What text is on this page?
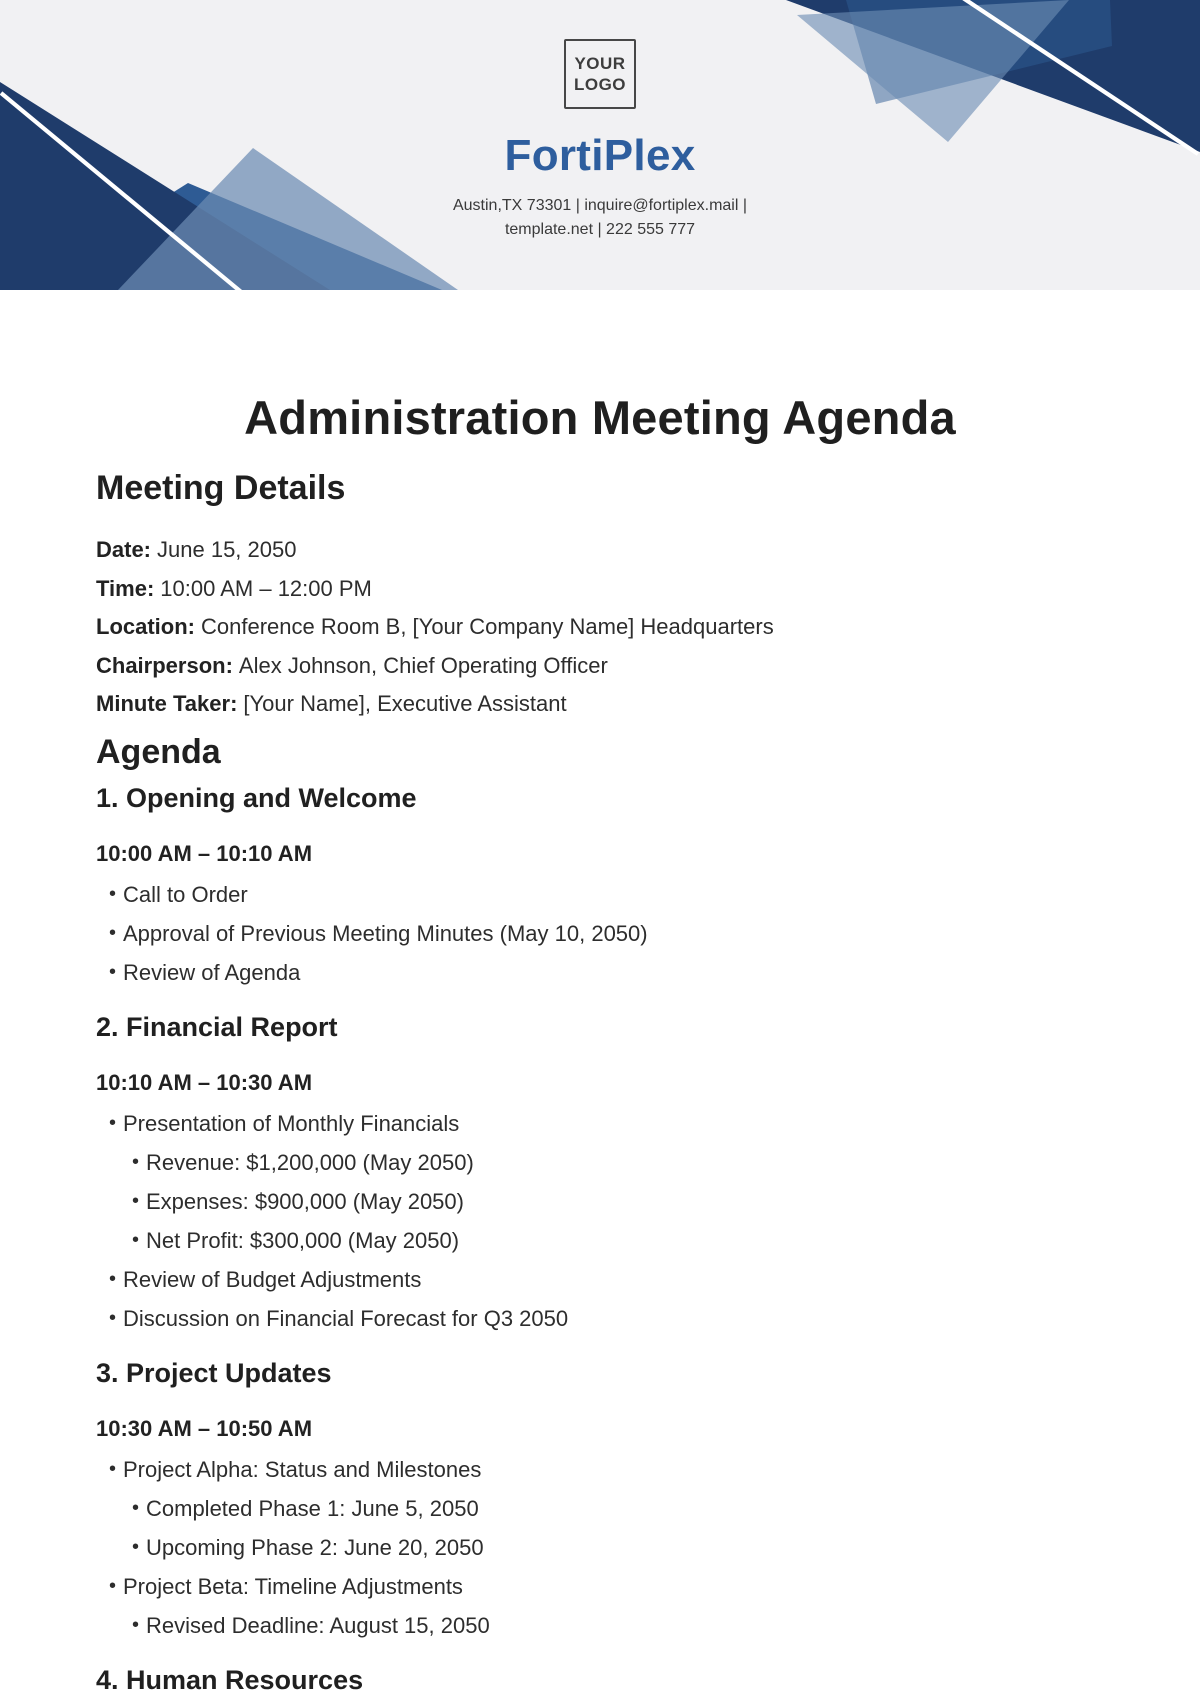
YOUR
LOGO
FortiPlex
Austin,TX 73301 | inquire@fortiplex.mail |
template.net | 222 555 777
Administration Meeting Agenda
Meeting Details

Date: June 15, 2050

Time: 10:00 AM – 12:00 PM

Location: Conference Room B, [Your Company Name] Headquarters

Chairperson: Alex Johnson, Chief Operating Officer

Minute Taker: [Your Name], Executive Assistant

Agenda
1. Opening and Welcome

10:00 AM – 10:10 AM

• Call to Order
• Approval of Previous Meeting Minutes (May 10, 2050)
• Review of Agenda
2. Financial Report

10:10 AM – 10:30 AM

• Presentation of Monthly Financials
• Revenue: $1,200,000 (May 2050)
• Expenses: $900,000 (May 2050)
• Net Profit: $300,000 (May 2050)
• Review of Budget Adjustments
• Discussion on Financial Forecast for Q3 2050
3. Project Updates

10:30 AM – 10:50 AM

• Project Alpha: Status and Milestones
• Completed Phase 1: June 5, 2050
• Upcoming Phase 2: June 20, 2050
• Project Beta: Timeline Adjustments
• Revised Deadline: August 15, 2050
4. Human Resources
